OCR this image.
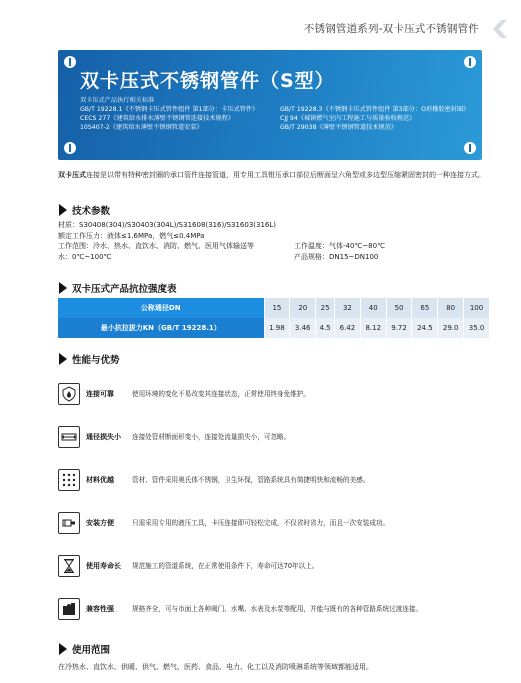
不锈钢管道系列-双卡压式不锈钢管件
双卡压式不锈钢管件（S型）
双卡压式产品执行相关标准
GB/T 19228.1《不锈钢卡压式管件组件 第1部分：卡压式管件》	GB/T 19228.3《不锈钢卡压式管件组件 第3部分：O形橡胶密封圈》
CECS 277《建筑给水排水薄壁不锈钢管连接技术规程》	CJJ 94《城镇燃气室内工程施工与质量验收规范》
10S407-2《建筑给水薄壁不锈钢管道安装》	GB/T 29038《薄壁不锈钢管道技术规范》
双卡压式连接是以带有特种密封圈的承口管件连接管道，用专用工具钳压承口部位后断面呈六角型或多边型压缩紧固密封的一种连接方式。
技术参数
材质：S30408(304)/S30403(304L)/S31608(316)/S31603(316L)
额定工作压力：液体≤1.6MPa，燃气≤0.4MPa
工作范围：冷水、热水、直饮水、消防、燃气、医用气体输送等	工作温度：气体-40℃~80℃
水：0℃~100℃	产品规格：DN15~DN100
双卡压式产品抗拉强度表
公称通径DN	15	20	25	32	40	50	65	80	100
最小抗拉拔力KN（GB/T 19228.1）	1.98	3.46	4.5	6.42	8.12	9.72	24.5	29.0	35.0
性能与优势
连接可靠	使用环境的变化不易改变其连接状态，正常使用终身免维护。
通径损失小	连接处管材断面形变小，连接处流量损失小，可忽略。
材料优越	管材、管件采用奥氏体不锈钢，卫生环保，管路系统具有简捷明快和流畅的美感。
安装方便	只需采用专用的液压工具，卡压连接即可轻松完成，不仅省时省力，而且一次安装成功。
使用寿命长	规范施工的管道系统，在正常使用条件下，寿命可达70年以上。
兼容性强	规格齐全，可与市面上各种阀门、水嘴、水表及水泵等配用，并能与既有的各种管路系统过渡连接。
使用范围
在冷热水、直饮水、供暖、供气、燃气、医药、食品、电力、化工以及消防喷淋系统等领域都能适用。
